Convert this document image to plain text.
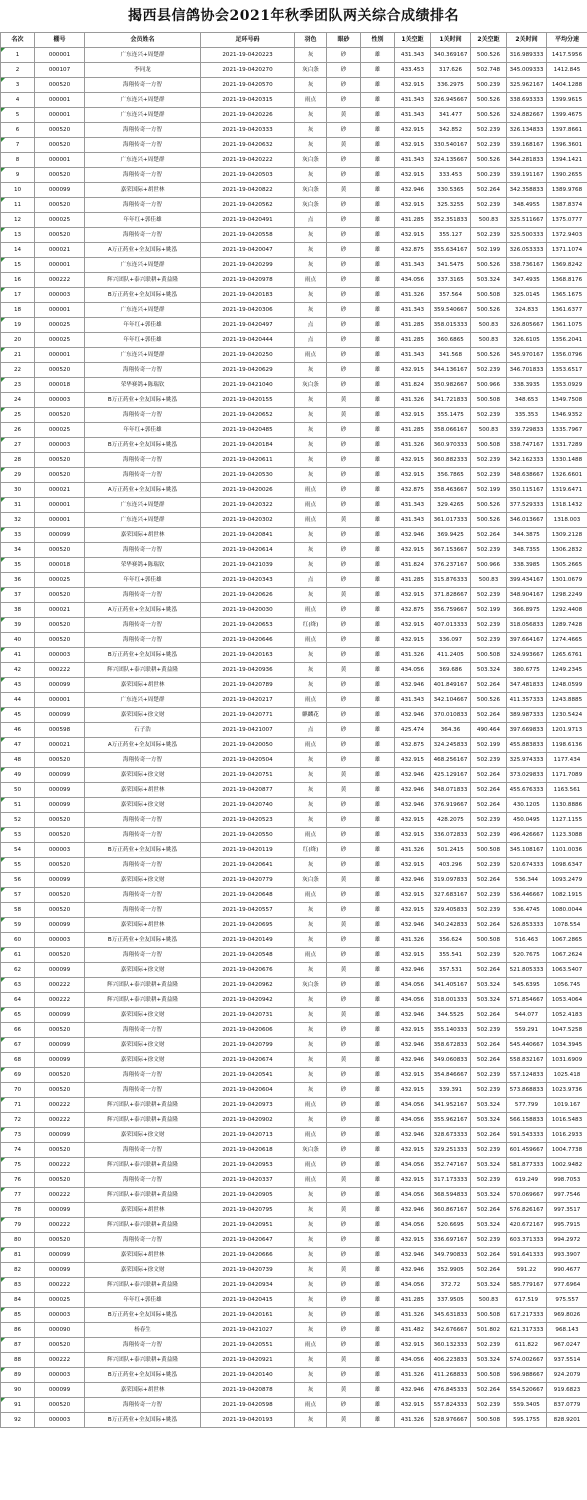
揭西县信鸽协会2021年秋季团队两关综合成绩排名
名次	棚号	会员姓名	足环号码	羽色	眼砂	性别	1关空距	1关时间	2关空距	2关时间	平均分速
1	000001	广东连兴+周楚群	2021-19-0420223	灰	砂	雄	431.343	340.369167	500.526	316.989333	1417.5956
2	000107	李同龙	2021-19-0420270	灰白条	砂	雄	433.453	317.626	502.748	345.009333	1412.845
3	000520	海翔传奇一方智	2021-19-0420570	灰	砂	雄	432.915	336.2975	500.239	325.962167	1404.1288
4	000001	广东连兴+周楚群	2021-19-0420315	雨点	砂	雄	431.343	326.945667	500.526	338.693333	1399.9615
5	000001	广东连兴+周楚群	2021-19-0420226	灰	黄	雄	431.343	341.477	500.526	324.882667	1399.4675
6	000520	海翔传奇一方智	2021-19-0420333	灰	砂	雄	432.915	342.852	502.239	326.134833	1397.8661
7	000520	海翔传奇一方智	2021-19-0420632	灰	黄	雄	432.915	330.540167	502.239	339.168167	1396.3601
8	000001	广东连兴+周楚群	2021-19-0420222	灰白条	砂	雄	431.343	324.135667	500.526	344.281833	1394.1421
9	000520	海翔传奇一方智	2021-19-0420503	灰	砂	雄	432.915	333.453	500.239	339.191167	1390.2655
10	000099	嘉荣国际+胡世林	2021-19-0420822	灰白条	黄	雄	432.946	330.5365	502.264	342.358833	1389.9768
11	000520	海翔传奇一方智	2021-19-0420562	灰白条	砂	雄	432.915	325.3255	502.239	348.4955	1387.8374
12	000025	年年红+郭佳雄	2021-19-0420491	点	砂	雄	431.285	352.351833	500.83	325.511667	1375.0777
13	000520	海翔传奇一方智	2021-19-0420558	灰	砂	雄	432.915	355.127	502.239	325.500333	1372.9403
14	000021	A万正药业+全友国际+姚泓	2021-19-0420047	灰	砂	雄	432.875	355.634167	502.199	326.053333	1371.1074
15	000001	广东连兴+周楚群	2021-19-0420299	灰	砂	雄	431.343	341.5475	500.526	338.736167	1369.8242
16	000222	辉兴团队+泰兴联耕+黄益隆	2021-19-0420978	雨点	砂	雄	434.056	337.3165	503.324	347.4935	1368.8176
17	000003	B万正药业+全友国际+姚泓	2021-19-0420183	灰	砂	雄	431.326	357.564	500.508	325.0145	1365.1675
18	000001	广东连兴+周楚群	2021-19-0420306	灰	砂	雄	431.343	359.540667	500.526	324.833	1361.6377
19	000025	年年红+郭佳雄	2021-19-0420497	点	砂	雄	431.285	358.015333	500.83	326.805667	1361.1075
20	000025	年年红+郭佳雄	2021-19-0420444	点	砂	雄	431.285	360.6865	500.83	326.6105	1356.2041
21	000001	广东连兴+周楚群	2021-19-0420250	雨点	砂	雄	431.343	341.568	500.526	345.970167	1356.0796
22	000520	海翔传奇一方智	2021-19-0420629	灰	砂	雄	432.915	344.136167	502.239	346.701833	1353.6517
23	000018	荣华赛鸽+陈瑞钦	2021-19-0421040	灰白条	砂	雄	431.824	350.982667	500.966	338.3935	1353.0929
24	000003	B万正药业+全友国际+姚泓	2021-19-0420155	灰	黄	雄	431.326	341.721833	500.508	348.653	1349.7508
25	000520	海翔传奇一方智	2021-19-0420652	灰	黄	雄	432.915	355.1475	502.239	335.353	1346.9352
26	000025	年年红+郭佳雄	2021-19-0420485	灰	砂	雄	431.285	358.066167	500.83	339.729833	1335.7967
27	000003	B万正药业+全友国际+姚泓	2021-19-0420184	灰	砂	雄	431.326	360.970333	500.508	338.747167	1331.7289
28	000520	海翔传奇一方智	2021-19-0420611	灰	砂	雄	432.915	360.882333	502.239	342.162333	1330.1488
29	000520	海翔传奇一方智	2021-19-0420530	灰	砂	雄	432.915	356.7865	502.239	348.638667	1326.6601
30	000021	A万正药业+全友国际+姚泓	2021-19-0420026	雨点	砂	雄	432.875	358.463667	502.199	350.115167	1319.6471
31	000001	广东连兴+周楚群	2021-19-0420322	雨点	砂	雄	431.343	329.4265	500.526	377.529333	1318.1432
32	000001	广东连兴+周楚群	2021-19-0420302	雨点	黄	雄	431.343	361.017333	500.526	346.013667	1318.003
33	000099	嘉荣国际+胡世林	2021-19-0420841	灰	砂	雄	432.946	369.9425	502.264	344.3875	1309.2128
34	000520	海翔传奇一方智	2021-19-0420614	灰	砂	雄	432.915	367.153667	502.239	348.7355	1306.2832
35	000018	荣华赛鸽+陈瑞钦	2021-19-0421039	灰	砂	雄	431.824	376.237167	500.966	338.3985	1305.2665
36	000025	年年红+郭佳雄	2021-19-0420343	点	砂	雄	431.285	315.876333	500.83	399.434167	1301.0679
37	000520	海翔传奇一方智	2021-19-0420626	灰	黄	雄	432.915	371.828667	502.239	348.904167	1298.2249
38	000021	A万正药业+全友国际+姚泓	2021-19-0420030	雨点	砂	雄	432.875	356.759667	502.199	366.8975	1292.4408
39	000520	海翔传奇一方智	2021-19-0420653	红(绛)	砂	雄	432.915	407.013333	502.239	318.056833	1289.7428
40	000520	海翔传奇一方智	2021-19-0420646	雨点	砂	雄	432.915	336.097	502.239	397.664167	1274.4665
41	000003	B万正药业+全友国际+姚泓	2021-19-0420163	灰	砂	雄	431.326	411.2405	500.508	324.993667	1265.6761
42	000222	辉兴团队+泰兴联耕+黄益隆	2021-19-0420936	灰	黄	雄	434.056	369.686	503.324	380.6775	1249.2345
43	000099	嘉荣国际+胡世林	2021-19-0420789	灰	砂	雄	432.946	401.849167	502.264	347.481833	1248.0599
44	000001	广东连兴+周楚群	2021-19-0420217	雨点	砂	雄	431.343	342.104667	500.526	411.357333	1243.8885
45	000099	嘉荣国际+徐文财	2021-19-0420771	麒麟花	砂	雄	432.946	370.010833	502.264	389.987333	1230.5424
46	000598	石子浩	2021-19-0421007	点	砂	雄	425.474	364.36	490.464	397.669833	1201.9713
47	000021	A万正药业+全友国际+姚泓	2021-19-0420050	雨点	砂	雄	432.875	324.245833	502.199	455.883833	1198.6136
48	000520	海翔传奇一方智	2021-19-0420504	灰	砂	雄	432.915	468.256167	502.239	325.974333	1177.434
49	000099	嘉荣国际+徐文财	2021-19-0420751	灰	黄	雄	432.946	425.129167	502.264	373.029833	1171.7089
50	000099	嘉荣国际+胡世林	2021-19-0420877	灰	黄	雄	432.946	348.071833	502.264	455.676333	1163.561
51	000099	嘉荣国际+徐文财	2021-19-0420740	灰	砂	雄	432.946	376.919667	502.264	430.1205	1130.8886
52	000520	海翔传奇一方智	2021-19-0420523	灰	砂	雄	432.915	428.2075	502.239	450.0495	1127.1155
53	000520	海翔传奇一方智	2021-19-0420550	雨点	砂	雄	432.915	336.072833	502.239	496.426667	1123.3088
54	000003	B万正药业+全友国际+姚泓	2021-19-0420119	红(绛)	砂	雄	431.326	501.2415	500.508	345.108167	1101.0036
55	000520	海翔传奇一方智	2021-19-0420641	灰	砂	雄	432.915	403.296	502.239	520.674333	1098.6347
56	000099	嘉荣国际+徐文财	2021-19-0420779	灰白条	黄	雄	432.946	319.097833	502.264	536.344	1093.2479
57	000520	海翔传奇一方智	2021-19-0420648	雨点	砂	雄	432.915	327.683167	502.239	536.446667	1082.1915
58	000520	海翔传奇一方智	2021-19-0420557	灰	砂	雄	432.915	329.405833	502.239	536.4745	1080.0044
59	000099	嘉荣国际+胡世林	2021-19-0420695	灰	黄	雄	432.946	340.242833	502.264	526.853333	1078.554
60	000003	B万正药业+全友国际+姚泓	2021-19-0420149	灰	砂	雄	431.326	356.624	500.508	516.463	1067.2865
61	000520	海翔传奇一方智	2021-19-0420548	雨点	砂	雄	432.915	355.541	502.239	520.7675	1067.2624
62	000099	嘉荣国际+徐文财	2021-19-0420676	灰	黄	雄	432.946	357.531	502.264	521.805333	1063.5407
63	000222	辉兴团队+泰兴联耕+黄益隆	2021-19-0420962	灰白条	砂	雄	434.056	341.405167	503.324	545.6395	1056.745
64	000222	辉兴团队+泰兴联耕+黄益隆	2021-19-0420942	灰	砂	雄	434.056	318.001333	503.324	571.854667	1053.4064
65	000099	嘉荣国际+徐文财	2021-19-0420731	灰	黄	雄	432.946	344.5525	502.264	544.077	1052.4183
66	000520	海翔传奇一方智	2021-19-0420606	灰	砂	雄	432.915	355.140333	502.239	559.291	1047.5258
67	000099	嘉荣国际+徐文财	2021-19-0420799	灰	砂	雄	432.946	358.672833	502.264	545.440667	1034.3945
68	000099	嘉荣国际+徐文财	2021-19-0420674	灰	黄	雄	432.946	349.060833	502.264	558.832167	1031.6909
69	000520	海翔传奇一方智	2021-19-0420541	灰	砂	雄	432.915	354.846667	502.239	557.124833	1025.418
70	000520	海翔传奇一方智	2021-19-0420604	灰	砂	雄	432.915	339.391	502.239	573.868833	1023.9736
71	000222	辉兴团队+泰兴联耕+黄益隆	2021-19-0420973	雨点	砂	雄	434.056	341.952167	503.324	577.799	1019.167
72	000222	辉兴团队+泰兴联耕+黄益隆	2021-19-0420902	灰	砂	雄	434.056	355.962167	503.324	566.158833	1016.5483
73	000099	嘉荣国际+徐文财	2021-19-0420713	雨点	砂	雄	432.946	328.673333	502.264	591.543333	1016.2933
74	000520	海翔传奇一方智	2021-19-0420618	灰白条	砂	雄	432.915	329.251333	502.239	601.459667	1004.7738
75	000222	辉兴团队+泰兴联耕+黄益隆	2021-19-0420953	雨点	砂	雄	434.056	352.747167	503.324	581.877333	1002.9482
76	000520	海翔传奇一方智	2021-19-0420337	雨点	黄	雄	432.915	317.173333	502.239	619.249	998.7053
77	000222	辉兴团队+泰兴联耕+黄益隆	2021-19-0420905	灰	砂	雄	434.056	368.594833	503.324	570.069667	997.7546
78	000099	嘉荣国际+胡世林	2021-19-0420795	灰	黄	雄	432.946	360.867167	502.264	576.826167	997.3517
79	000222	辉兴团队+泰兴联耕+黄益隆	2021-19-0420951	灰	砂	雄	434.056	520.6695	503.324	420.672167	995.7915
80	000520	海翔传奇一方智	2021-19-0420647	灰	砂	雄	432.915	336.697167	502.239	603.371333	994.2972
81	000099	嘉荣国际+胡世林	2021-19-0420666	灰	砂	雄	432.946	349.790833	502.264	591.641333	993.3907
82	000099	嘉荣国际+徐文财	2021-19-0420739	灰	黄	雄	432.946	352.9905	502.264	591.22	990.4677
83	000222	辉兴团队+泰兴联耕+黄益隆	2021-19-0420934	灰	砂	雄	434.056	372.72	503.324	585.779167	977.6964
84	000025	年年红+郭佳雄	2021-19-0420415	灰	砂	雄	431.285	337.9505	500.83	617.519	975.557
85	000003	B万正药业+全友国际+姚泓	2021-19-0420161	灰	砂	雄	431.326	345.631833	500.508	617.217333	969.8026
86	000090	杨春生	2021-19-0421027	灰	砂	雄	431.482	342.676667	501.802	621.317333	968.143
87	000520	海翔传奇一方智	2021-19-0420551	雨点	砂	雄	432.915	360.132333	502.239	611.822	967.0247
88	000222	辉兴团队+泰兴联耕+黄益隆	2021-19-0420921	灰	黄	雄	434.056	406.223833	503.324	574.002667	937.5514
89	000003	B万正药业+全友国际+姚泓	2021-19-0420140	灰	砂	雄	431.326	411.268833	500.508	596.988667	924.2079
90	000099	嘉荣国际+胡世林	2021-19-0420878	灰	黄	雄	432.946	476.845333	502.264	554.520667	919.6823
91	000520	海翔传奇一方智	2021-19-0420598	雨点	砂	雄	432.915	557.824333	502.239	559.3405	837.0779
92	000003	B万正药业+全友国际+姚泓	2021-19-0420193	灰	黄	雄	431.326	528.976667	500.508	595.1755	828.9201
